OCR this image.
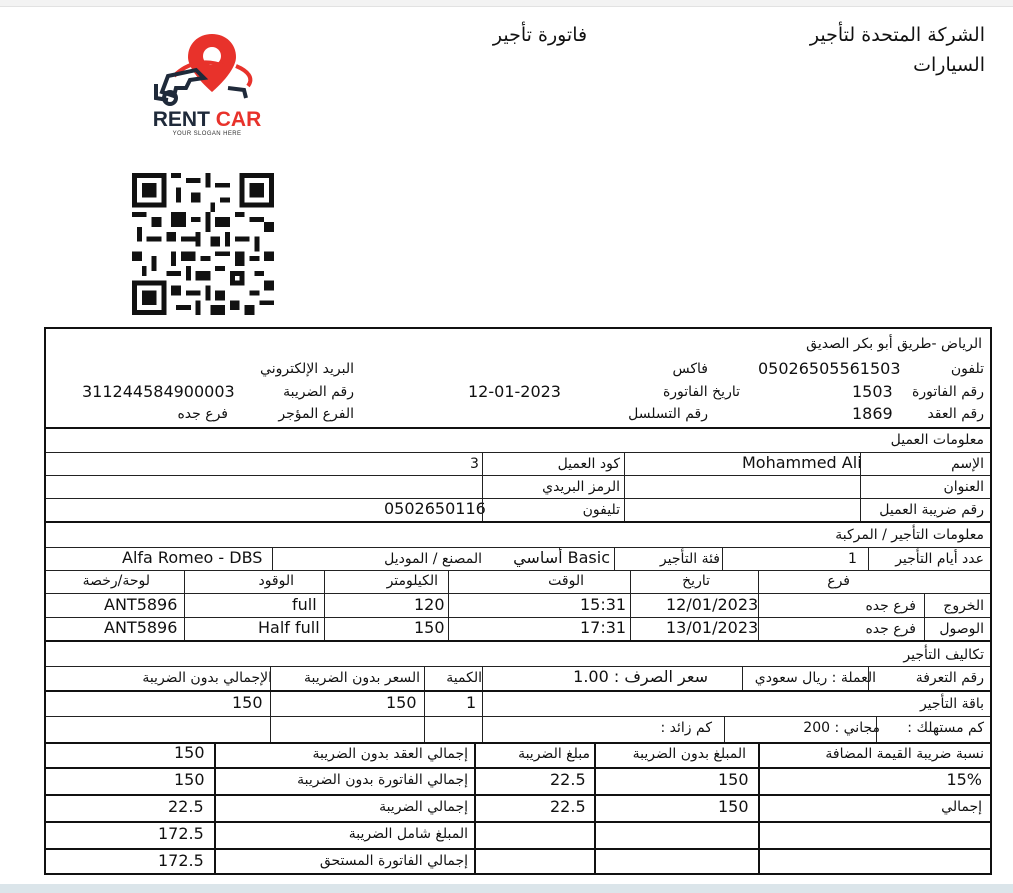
الشركة المتحدة لتأجير
السيارات
فاتورة تأجير
RENT CAR
YOUR SLOGAN HERE
الرياض -طريق أبو بكر الصديق
تلفون
05026505561503
فاكس
البريد الإلكتروني
رقم الفاتورة
1503
تاريخ الفاتورة
12-01-2023
رقم الضريبة
311244584900003
رقم العقد
1869
رقم التسلسل
الفرع المؤجر
فرع جده
معلومات العميل
الإسم
Mohammed Ali
كود العميل
3
العنوان
الرمز البريدي
رقم ضريبة العميل
تليفون
0502650116
معلومات التأجير / المركبة
عدد أيام التأجير
1
فئة التأجير
Basic أساسي
المصنع / الموديل
Alfa Romeo - DBS
فرع
تاريخ
الوقت
الكيلومتر
الوقود
لوحة/رخصة
الخروج
فرع جده
12/01/2023
15:31
120
full
ANT5896
الوصول
فرع جده
13/01/2023
17:31
150
Half full
ANT5896
تكاليف التأجير
رقم التعرفة
العملة : ريال سعودي
سعر الصرف : 1.00
الكمية
السعر بدون الضريبة
الإجمالي بدون الضريبة
باقة التأجير
1
150
150
كم مستهلك :
مجاني : 200
كم زائد :
نسبة ضريبة القيمة المضافة
المبلغ بدون الضريبة
مبلغ الضريبة
إجمالي العقد بدون الضريبة
150
15%
150
22.5
إجمالي الفاتورة بدون الضريبة
150
إجمالي
150
22.5
إجمالي الضريبة
22.5
المبلغ شامل الضريبة
172.5
إجمالي الفاتورة المستحق
172.5
